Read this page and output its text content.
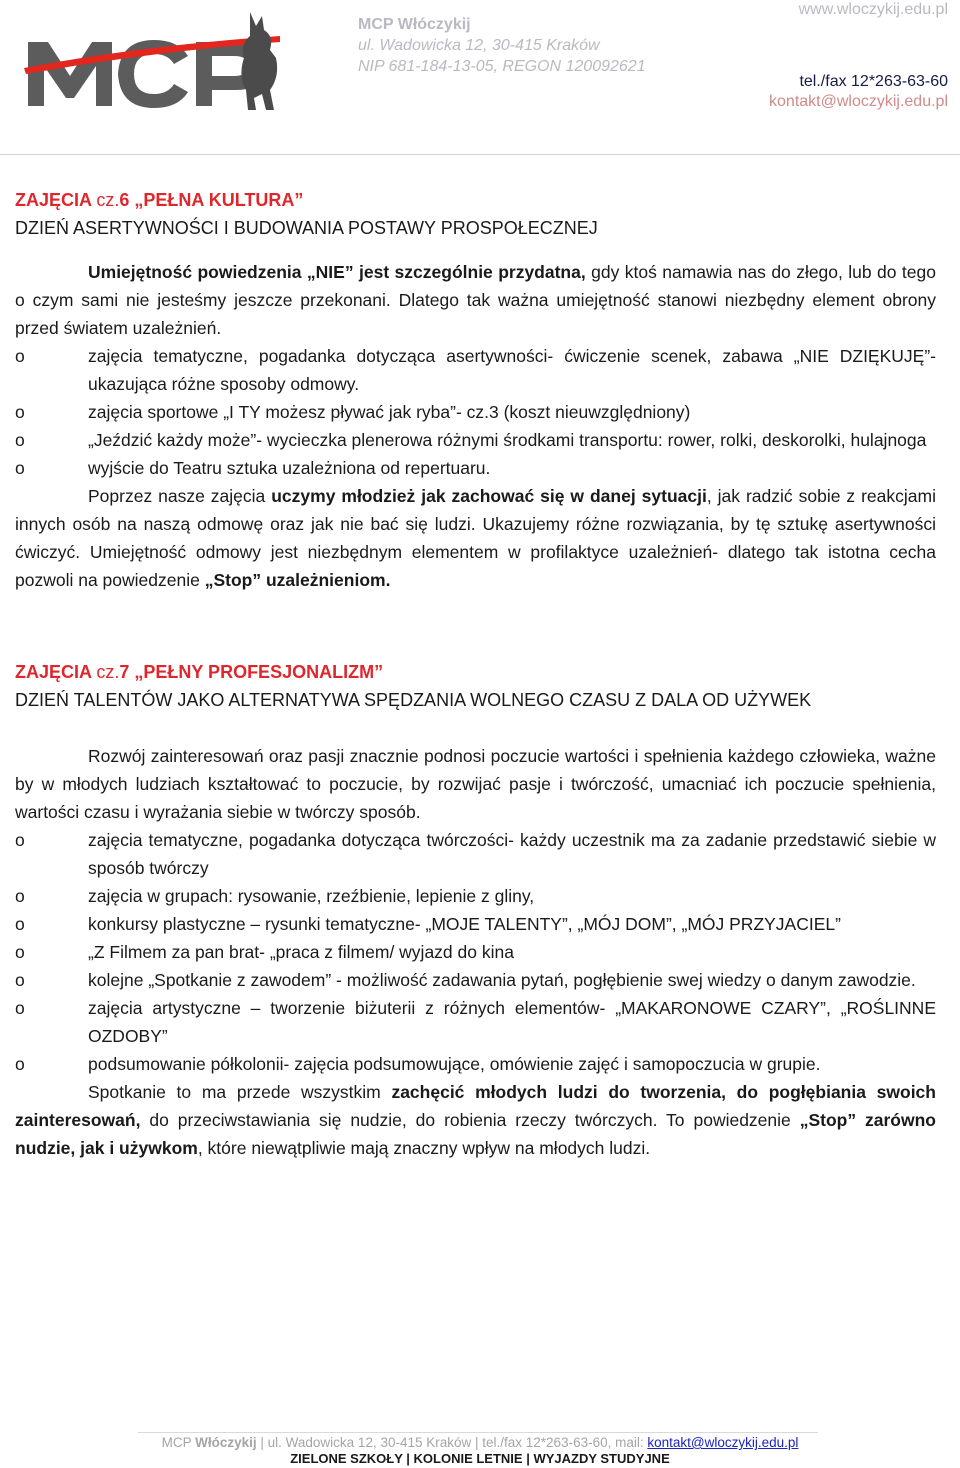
MCP Włóczykij
ul. Wadowicka 12, 30-415 Kraków
NIP 681-184-13-05, REGON 120092621
www.wloczykij.edu.pl
tel./fax 12*263-63-60
kontakt@wloczykij.edu.pl
ZAJĘCIA cz.6 „PEŁNA KULTURA”
DZIEŃ ASERTYWNOŚCI I BUDOWANIA POSTAWY PROSPOŁECZNEJ

Umiejętność powiedzenia „NIE” jest szczególnie przydatna, gdy ktoś namawia nas do złego, lub do tego o czym sami nie jesteśmy jeszcze przekonani. Dlatego tak ważna umiejętność stanowi niezbędny element obrony przed światem uzależnień.

o	zajęcia tematyczne, pogadanka dotycząca asertywności- ćwiczenie scenek, zabawa „NIE DZIĘKUJĘ”- ukazująca różne sposoby odmowy.
o	zajęcia sportowe „I TY możesz pływać jak ryba”- cz.3 (koszt nieuwzględniony)
o	„Jeździć każdy może”- wycieczka plenerowa różnymi środkami transportu: rower, rolki, deskorolki, hulajnoga
o	wyjście do Teatru sztuka uzależniona od repertuaru.

Poprzez nasze zajęcia uczymy młodzież jak zachować się w danej sytuacji, jak radzić sobie z reakcjami innych osób na naszą odmowę oraz jak nie bać się ludzi. Ukazujemy różne rozwiązania, by tę sztukę asertywności ćwiczyć. Umiejętność odmowy jest niezbędnym elementem w profilaktyce uzależnień- dlatego tak istotna cecha pozwoli na powiedzenie „Stop” uzależnieniom.

ZAJĘCIA cz.7 „PEŁNY PROFESJONALIZM”
DZIEŃ TALENTÓW JAKO ALTERNATYWA SPĘDZANIA WOLNEGO CZASU Z DALA OD UŻYWEK

Rozwój zainteresowań oraz pasji znacznie podnosi poczucie wartości i spełnienia każdego człowieka, ważne by w młodych ludziach kształtować to poczucie, by rozwijać pasje i twórczość, umacniać ich poczucie spełnienia, wartości czasu i wyrażania siebie w twórczy sposób.

o	zajęcia tematyczne, pogadanka dotycząca twórczości- każdy uczestnik ma za zadanie przedstawić siebie w sposób twórczy
o	zajęcia w grupach: rysowanie, rzeźbienie, lepienie z gliny,
o	konkursy plastyczne – rysunki tematyczne- „MOJE TALENTY”, „MÓJ DOM”, „MÓJ PRZYJACIEL”
o	„Z Filmem za pan brat- „praca z filmem/ wyjazd do kina
o	kolejne „Spotkanie z zawodem” - możliwość zadawania pytań, pogłębienie swej wiedzy o danym zawodzie.
o	zajęcia artystyczne – tworzenie biżuterii z różnych elementów- „MAKARONOWE CZARY”, „ROŚLINNE OZDOBY”
o	podsumowanie półkolonii- zajęcia podsumowujące, omówienie zajęć i samopoczucia w grupie.

Spotkanie to ma przede wszystkim zachęcić młodych ludzi do tworzenia, do pogłębiania swoich zainteresowań, do przeciwstawiania się nudzie, do robienia rzeczy twórczych. To powiedzenie „Stop” zarówno nudzie, jak i używkom, które niewątpliwie mają znaczny wpływ na młodych ludzi.

MCP Włóczykij | ul. Wadowicka 12, 30-415 Kraków | tel./fax 12*263-63-60, mail: kontakt@wloczykij.edu.pl
ZIELONE SZKOŁY | KOLONIE LETNIE | WYJAZDY STUDYJNE
